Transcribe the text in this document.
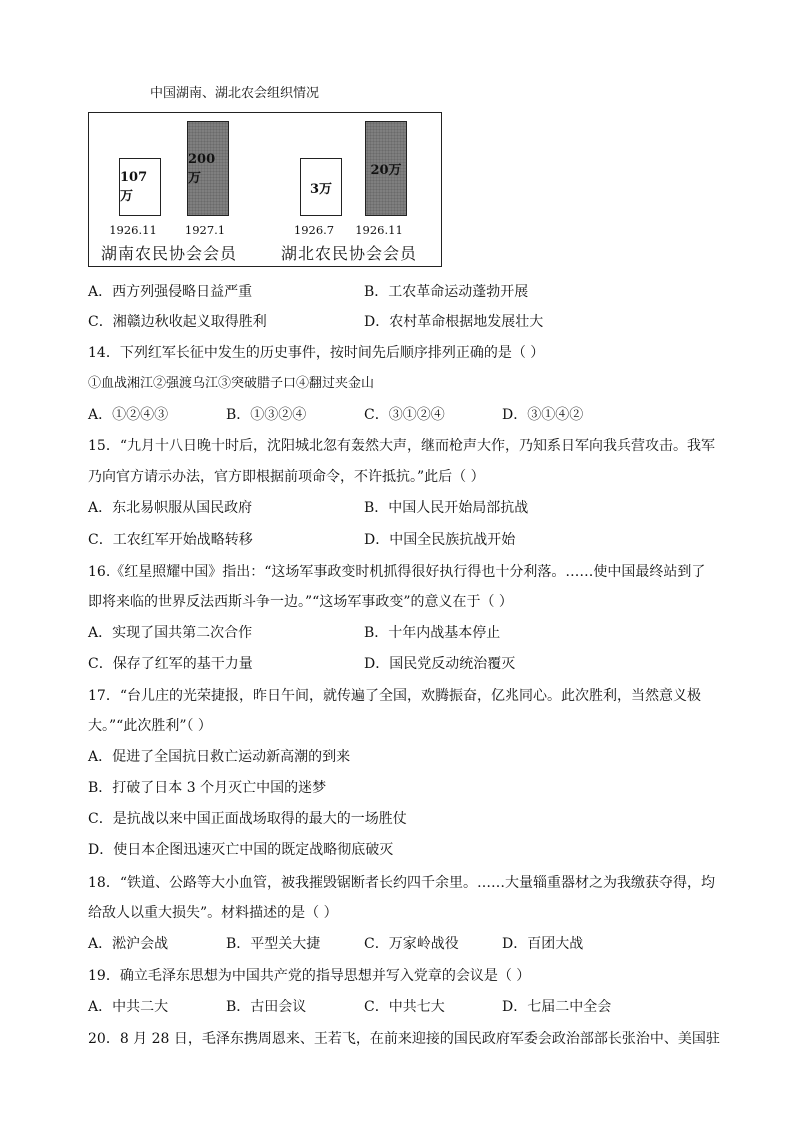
中国湖南、湖北农会组织情况
107万
200万
3万
20万
1926.11	1927.1	1926.7	1926.11
湖南农民协会会员	湖北农民协会会员
A．西方列强侵略日益严重	B．工农革命运动蓬勃开展
C．湘赣边秋收起义取得胜利	D．农村革命根据地发展壮大
14．下列红军长征中发生的历史事件，按时间先后顺序排列正确的是（ ）
①血战湘江②强渡乌江③突破腊子口④翻过夹金山
A．①②④③	B．①③②④	C．③①②④	D．③①④②
15．“九月十八日晚十时后，沈阳城北忽有轰然大声，继而枪声大作，乃知系日军向我兵营攻击。我军
乃向官方请示办法，官方即根据前项命令，不许抵抗。”此后（ ）
A．东北易帜服从国民政府	B．中国人民开始局部抗战
C．工农红军开始战略转移	D．中国全民族抗战开始
16.《红星照耀中国》指出：“这场军事政变时机抓得很好执行得也十分利落。……使中国最终站到了
即将来临的世界反法西斯斗争一边。”“这场军事政变”的意义在于（ ）
A．实现了国共第二次合作	B．十年内战基本停止
C．保存了红军的基干力量	D．国民党反动统治覆灭
17．“台儿庄的光荣捷报，昨日午间，就传遍了全国，欢腾振奋，亿兆同心。此次胜利，当然意义极
大。”“此次胜利”（ ）
A．促进了全国抗日救亡运动新高潮的到来
B．打破了日本 3 个月灭亡中国的迷梦
C．是抗战以来中国正面战场取得的最大的一场胜仗
D．使日本企图迅速灭亡中国的既定战略彻底破灭
18．“铁道、公路等大小血管，被我摧毁锯断者长约四千余里。……大量辎重器材之为我缴获夺得，均
给敌人以重大损失”。材料描述的是（ ）
A．淞沪会战	B．平型关大捷	C．万家岭战役	D．百团大战
19．确立毛泽东思想为中国共产党的指导思想并写入党章的会议是（ ）
A．中共二大	B．古田会议	C．中共七大	D．七届二中全会
20．8 月 28 日，毛泽东携周恩来、王若飞，在前来迎接的国民政府军委会政治部部长张治中、美国驻
